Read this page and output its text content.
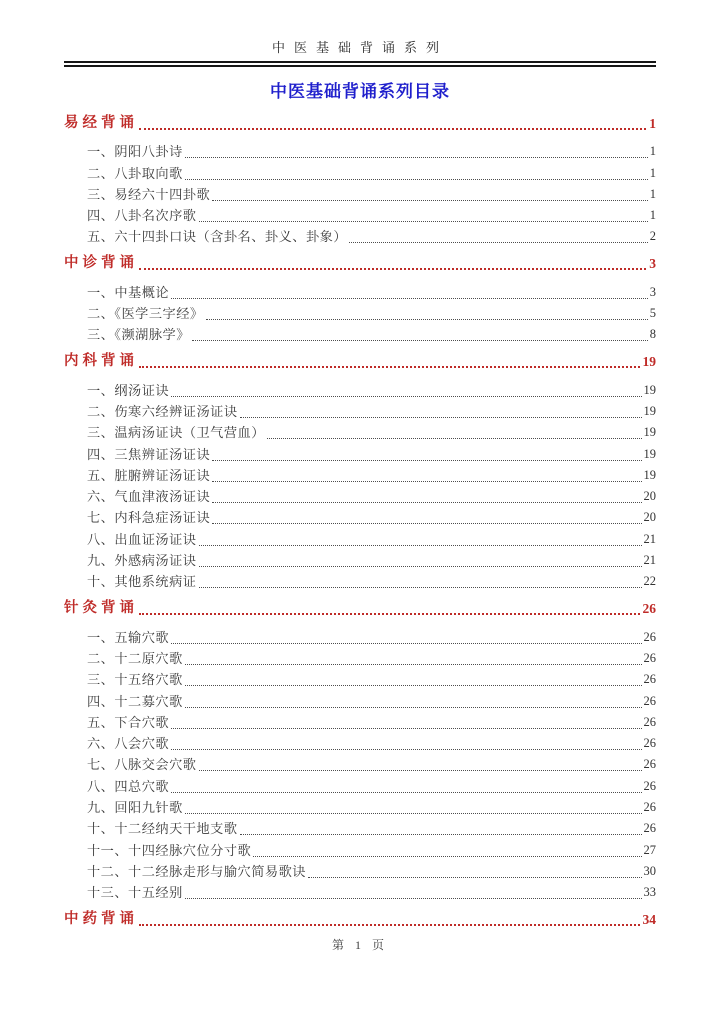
中医基础背诵系列
中医基础背诵系列目录
易经背诵	1
一、阴阳八卦诗	1
二、八卦取向歌	1
三、易经六十四卦歌	1
四、八卦名次序歌	1
五、六十四卦口诀（含卦名、卦义、卦象）	2
中诊背诵	3
一、中基概论	3
二、《医学三字经》	5
三、《濒湖脉学》	8
内科背诵	19
一、纲汤证诀	19
二、伤寒六经辨证汤证诀	19
三、温病汤证诀（卫气营血）	19
四、三焦辨证汤证诀	19
五、脏腑辨证汤证诀	19
六、气血津液汤证诀	20
七、内科急症汤证诀	20
八、出血证汤证诀	21
九、外感病汤证诀	21
十、其他系统病证	22
针灸背诵	26
一、五输穴歌	26
二、十二原穴歌	26
三、十五络穴歌	26
四、十二募穴歌	26
五、下合穴歌	26
六、八会穴歌	26
七、八脉交会穴歌	26
八、四总穴歌	26
九、回阳九针歌	26
十、十二经纳天干地支歌	26
十一、十四经脉穴位分寸歌	27
十二、十二经脉走形与腧穴简易歌诀	30
十三、十五经别	33
中药背诵	34
第 1 页
